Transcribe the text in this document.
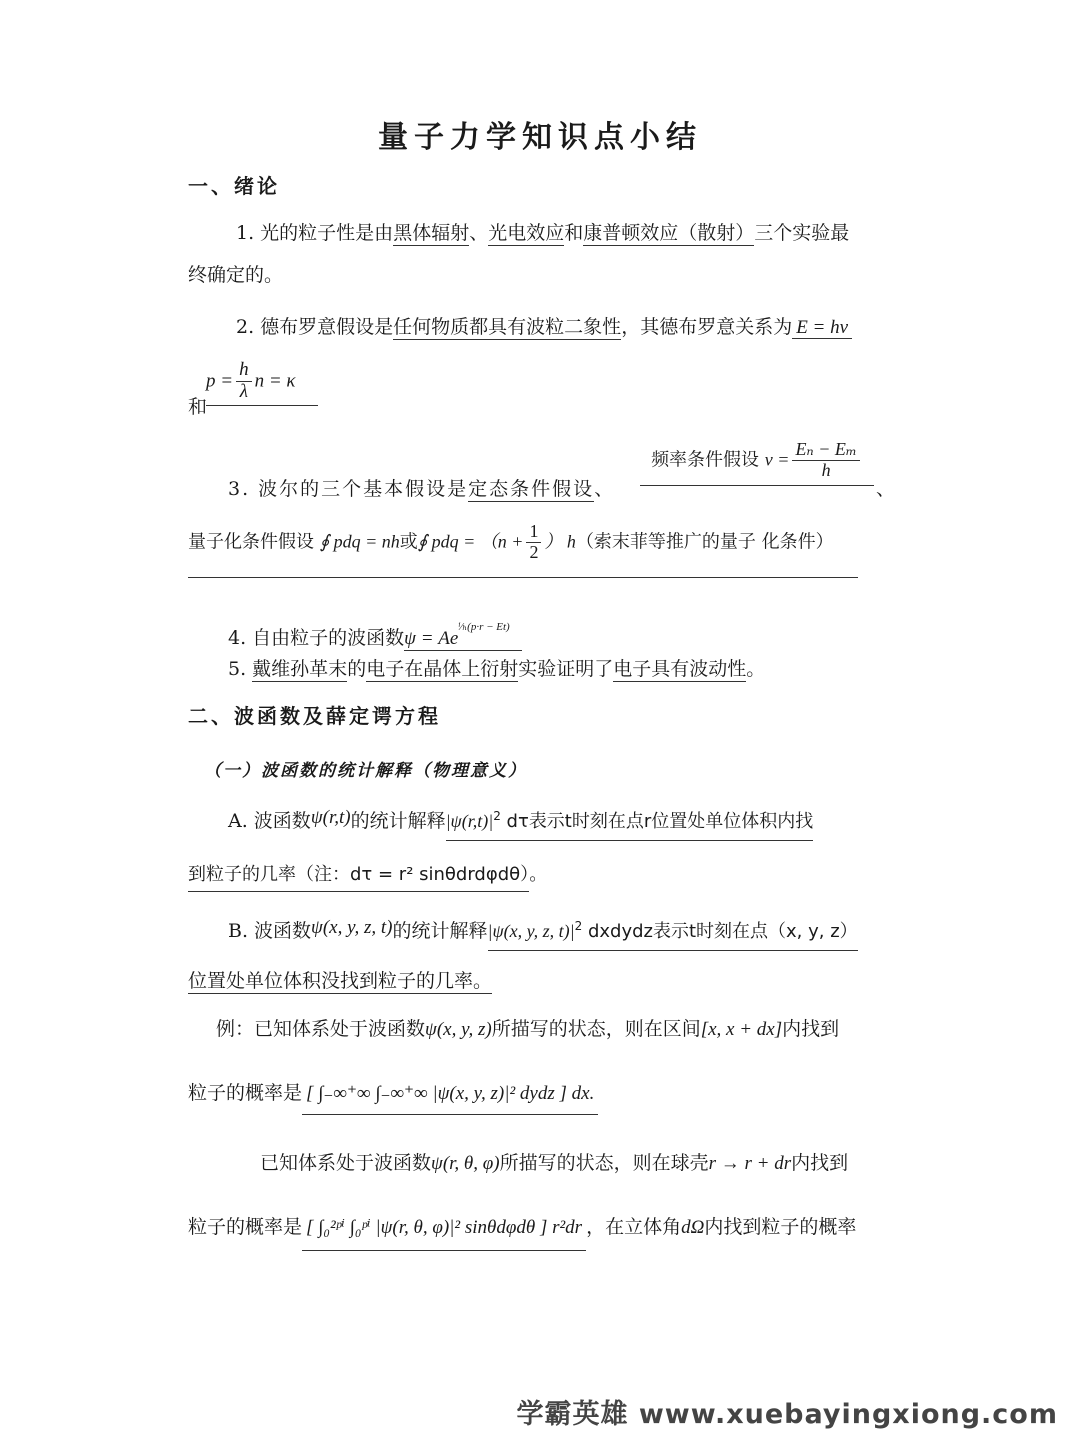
量子力学知识点小结
一、绪论
1. 光的粒子性是由黑体辐射、光电效应和康普顿效应（散射）三个实验最
终确定的。
2. 德布罗意假设是任何物质都具有波粒二象性，其德布罗意关系为 E = hν
和
$p = \frac{h}{\lambda}$ n = κ
3. 波尔的三个基本假设是定态条件假设、
频率条件假设 $\nu = \frac{\text{Eₙ − Eₘ}}{h}$
、
量子化条件假设 ∮ pdq = nh或∮ pdq = （$n + \frac{1}{2}$ ） h（索末菲等推广的量子 化条件）
4. 自由粒子的波函数$\psi = Ae^{^i⁄_h(p\cdot r - Et)}$
5. 戴维孙革末的电子在晶体上衍射实验证明了电子具有波动性。
二、波函数及薛定谔方程
（一）波函数的统计解释（物理意义）
A. 波函数ψ(r,t)的统计解释$|\psi(r,t)|^2$ dτ表示t时刻在点r位置处单位体积内找
到粒子的几率（注：dτ = r² sinθdrdφdθ）。
B. 波函数ψ(x, y, z, t)的统计解释|ψ(x, y, z, $t)|^2$ dxdydz表示t时刻在点（x, y, z）
位置处单位体积没找到粒子的几率。
例：已知体系处于波函数ψ(x, y, z)所描写的状态，则在区间[x, x + dx]内找到
粒子的概率是 [ ∫₋∞⁺∞ ∫₋∞⁺∞ |ψ(x, y, z)|² dydz ] dx.
已知体系处于波函数ψ(r, θ, φ)所描写的状态，则在球壳r → r + dr内找到
粒子的概率是 [ ∫₀²ᵖⁱ ∫₀ᵖⁱ |ψ(r, θ, φ)|² sinθdφdθ ] r²dr ，在立体角dΩ内找到粒子的概率
学霸英雄 www.xuebayingxiong.com
